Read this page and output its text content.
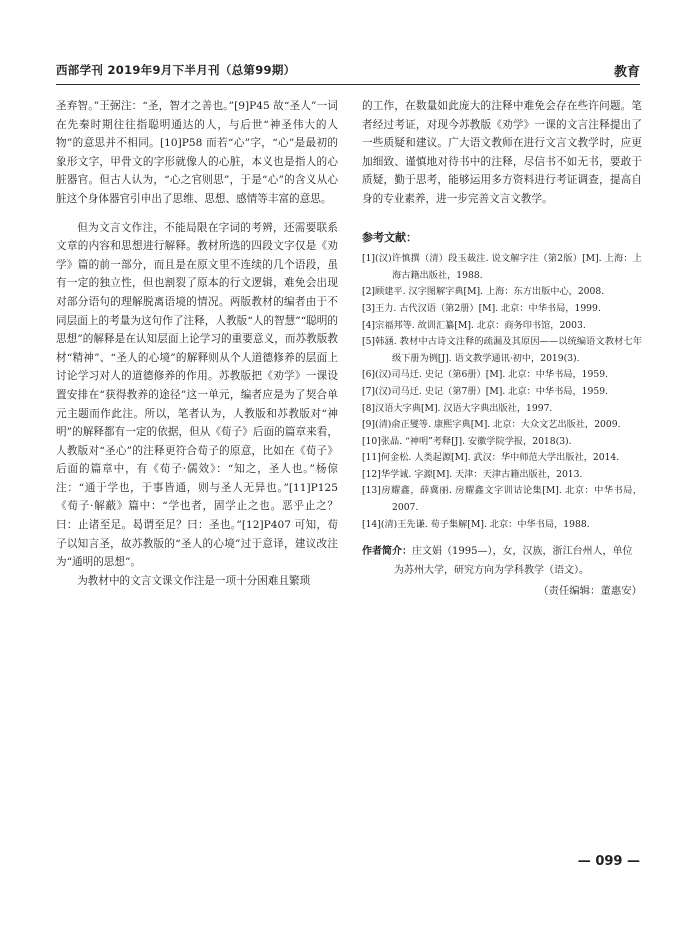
西部学刊 2019年9月下半月刊（总第99期）	教育

圣弃智。”王弼注：“圣，智才之善也。”[9]P45 故“圣人”一词在先秦时期往往指聪明通达的人，与后世“神圣伟大的人物”的意思并不相同。[10]P58 而若“心”字，“心”是最初的象形文字，甲骨文的字形就像人的心脏，本义也是指人的心脏器官。但古人认为，“心之官则思”，于是“心”的含义从心脏这个身体器官引申出了思维、思想、感情等丰富的意思。

但为文言文作注，不能局限在字词的考辨，还需要联系文章的内容和思想进行解释。教材所选的四段文字仅是《劝学》篇的前一部分，而且是在原文里不连续的几个语段，虽有一定的独立性，但也割裂了原本的行文逻辑，难免会出现对部分语句的理解脱离语境的情况。两版教材的编者由于不同层面上的考量为这句作了注释，人教版“人的智慧”“聪明的思想”的解释是在认知层面上论学习的重要意义，而苏教版教材“精神”、“圣人的心境”的解释则从个人道德修养的层面上讨论学习对人的道德修养的作用。苏教版把《劝学》一课设置安排在“获得教养的途径”这一单元，编者应是为了契合单元主题而作此注。所以，笔者认为，人教版和苏教版对“神明”的解释都有一定的依据，但从《荀子》后面的篇章来看，人教版对“圣心”的注释更符合荀子的原意，比如在《荀子》后面的篇章中，有《荀子·儒效》：“知之，圣人也。”杨倞注：“通于学也，于事皆通，则与圣人无异也。”[11]P125《荀子·解蔽》篇中：“学也者，固学止之也。恶乎止之？曰：止诸至足。曷谓至足？曰：圣也。”[12]P407 可知，荀子以知言圣，故苏教版的“圣人的心境”过于意译，建议改注为“通明的思想”。

为教材中的文言文课文作注是一项十分困难且繁琐

的工作，在数量如此庞大的注释中难免会存在些许问题。笔者经过考证，对现今苏教版《劝学》一课的文言注释提出了一些质疑和建议。广大语文教师在进行文言文教学时，应更加细致、谨慎地对待书中的注释，尽信书不如无书，要敢于质疑，勤于思考，能够运用多方资料进行考证调查，提高自身的专业素养，进一步完善文言文教学。

参考文献：
[1](汉)许慎撰（清）段玉裁注. 说文解字注（第2版）[M]. 上海：上海古籍出版社，1988.
[2]顾建平. 汉字图解字典[M]. 上海：东方出版中心，2008.
[3]王力. 古代汉语（第2册）[M]. 北京：中华书局，1999.
[4]宗福邦等. 故训汇纂[M]. 北京：商务印书馆，2003.
[5]韩涵. 教材中古诗文注释的疏漏及其原因——以统编语文教材七年级下册为例[J]. 语文教学通讯·初中，2019(3).
[6](汉)司马迁. 史记（第6册）[M]. 北京：中华书局，1959.
[7](汉)司马迁. 史记（第7册）[M]. 北京：中华书局，1959.
[8]汉语大字典[M]. 汉语大字典出版社，1997.
[9](清)俞正燮等. 康熙字典[M]. 北京：大众文艺出版社，2009.
[10]张晶. “神明”考释[J]. 安徽学院学报，2018(3).
[11]何金松. 人类起源[M]. 武汉：华中师范大学出版社，2014.
[12]华学诚. 字源[M]. 天津：天津古籍出版社，2013.
[13]房耀鑫，薛冀丽. 房耀鑫文字训诂论集[M]. 北京：中华书局，2007.
[14](清)王先谦. 荀子集解[M]. 北京：中华书局，1988.
作者简介：庄文娟（1995—），女，汉族，浙江台州人，单位
为苏州大学，研究方向为学科教学（语文）。
（责任编辑：董惠安）
— 099 —
